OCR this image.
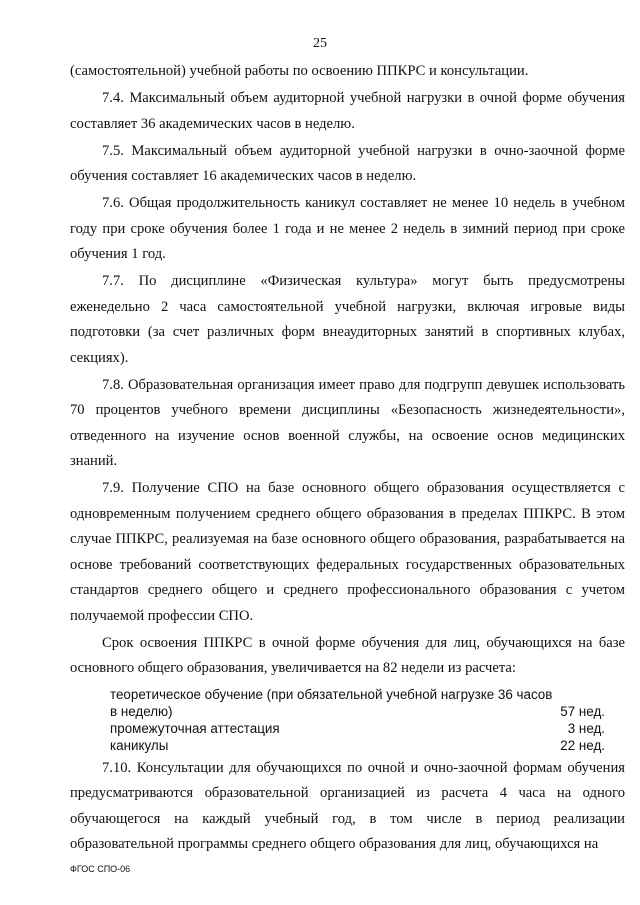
25

(самостоятельной) учебной работы по освоению ППКРС и консультации.

7.4. Максимальный объем аудиторной учебной нагрузки в очной форме обучения составляет 36 академических часов в неделю.

7.5. Максимальный объем аудиторной учебной нагрузки в очно-заочной форме обучения составляет 16 академических часов в неделю.

7.6. Общая продолжительность каникул составляет не менее 10 недель в учебном году при сроке обучения более 1 года и не менее 2 недель в зимний период при сроке обучения 1 год.

7.7. По дисциплине «Физическая культура» могут быть предусмотрены еженедельно 2 часа самостоятельной учебной нагрузки, включая игровые виды подготовки (за счет различных форм внеаудиторных занятий в спортивных клубах, секциях).

7.8. Образовательная организация имеет право для подгрупп девушек использовать 70 процентов учебного времени дисциплины «Безопасность жизнедеятельности», отведенного на изучение основ военной службы, на освоение основ медицинских знаний.

7.9. Получение СПО на базе основного общего образования осуществляется с одновременным получением среднего общего образования в пределах ППКРС. В этом случае ППКРС, реализуемая на базе основного общего образования, разрабатывается на основе требований соответствующих федеральных государственных образовательных стандартов среднего общего и среднего профессионального образования с учетом получаемой профессии СПО.

Срок освоения ППКРС в очной форме обучения для лиц, обучающихся на базе основного общего образования, увеличивается на 82 недели из расчета:

теоретическое обучение (при обязательной учебной нагрузке 36 часов в неделю)	57 нед.
промежуточная аттестация	3 нед.
каникулы	22 нед.

7.10. Консультации для обучающихся по очной и очно-заочной формам обучения предусматриваются образовательной организацией из расчета 4 часа на одного обучающегося на каждый учебный год, в том числе в период реализации образовательной программы среднего общего образования для лиц, обучающихся на

ФГОС СПО-06
